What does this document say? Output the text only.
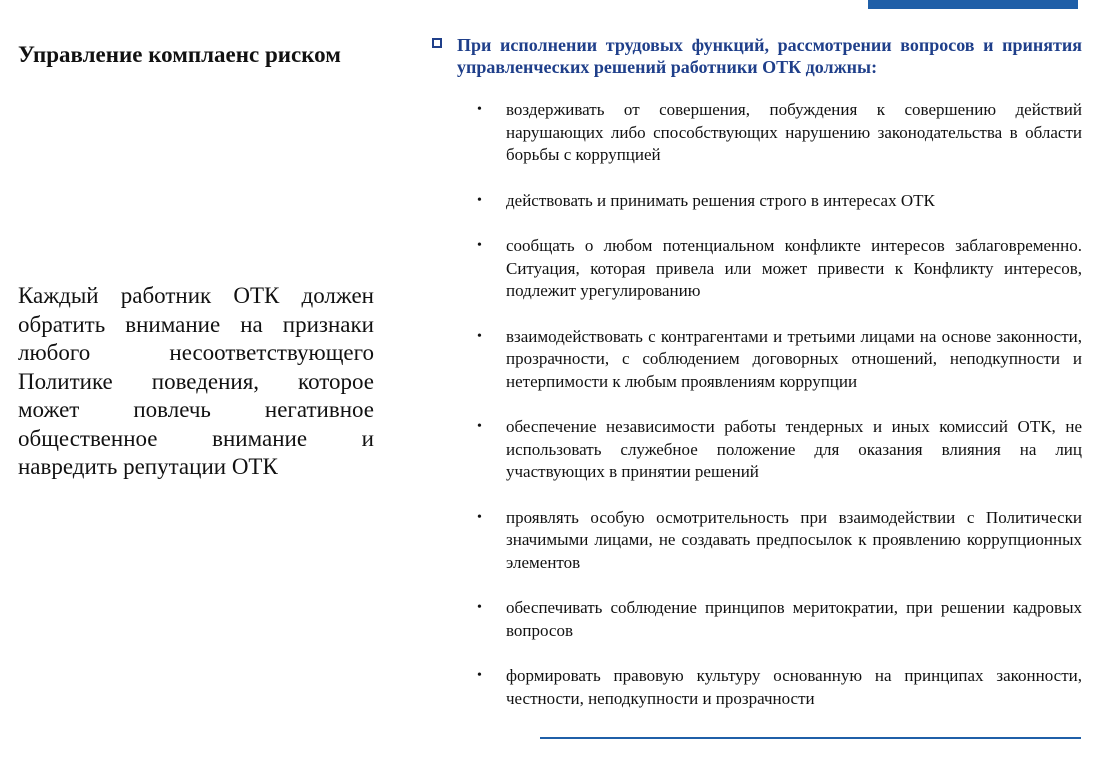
Управление комплаенс риском
Каждый работник ОТК должен обратить внимание на признаки любого несоответствующего Политике поведения, которое может повлечь негативное общественное внимание и навредить репутации ОТК
При исполнении трудовых функций, рассмотрении вопросов и принятия управленческих решений работники ОТК должны:
•	воздерживать от совершения, побуждения к совершению действий нарушающих либо способствующих нарушению законодательства в области борьбы с коррупцией
•	действовать и принимать решения строго в интересах ОТК
•	сообщать о любом потенциальном конфликте интересов заблаговременно. Ситуация, которая привела или может привести к Конфликту интересов, подлежит урегулированию
•	взаимодействовать с контрагентами и третьими лицами на основе законности, прозрачности, с соблюдением договорных отношений, неподкупности и нетерпимости к любым проявлениям коррупции
•	обеспечение независимости работы тендерных и иных комиссий ОТК, не использовать служебное положение для оказания влияния на лиц участвующих в принятии решений
•	проявлять особую осмотрительность при взаимодействии с Политически значимыми лицами, не создавать предпосылок к проявлению коррупционных элементов
•	обеспечивать соблюдение принципов меритократии, при решении кадровых вопросов
•	формировать правовую культуру основанную на принципах законности, честности, неподкупности и прозрачности
